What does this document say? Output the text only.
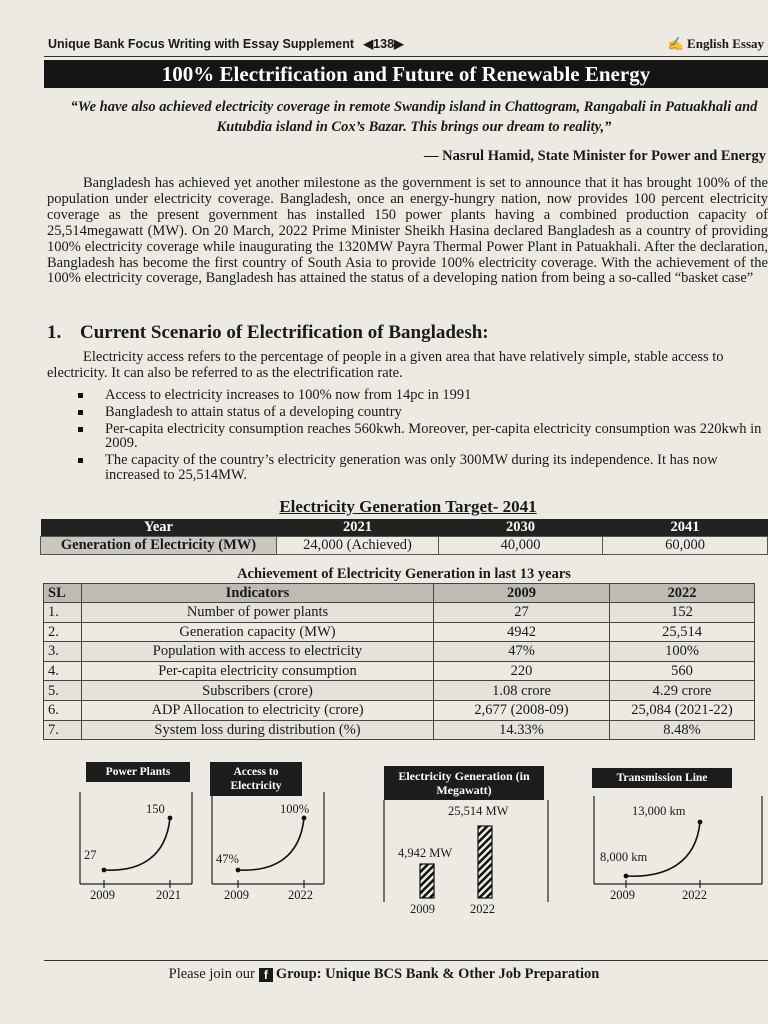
Unique Bank Focus Writing with Essay Supplement ◀138▶	✍ English Essay
100% Electrification and Future of Renewable Energy
“We have also achieved electricity coverage in remote Swandip island in Chattogram, Rangabali in Patuakhali and Kutubdia island in Cox’s Bazar. This brings our dream to reality,”
— Nasrul Hamid, State Minister for Power and Energy

Bangladesh has achieved yet another milestone as the government is set to announce that it has brought 100% of the population under electricity coverage. Bangladesh, once an energy-hungry nation, now provides 100 percent electricity coverage as the present government has installed 150 power plants having a combined production capacity of 25,514megawatt (MW). On 20 March, 2022 Prime Minister Sheikh Hasina declared Bangladesh as a country of providing 100% electricity coverage while inaugurating the 1320MW Payra Thermal Power Plant in Patuakhali. After the declaration, Bangladesh has become the first country of South Asia to provide 100% electricity coverage. With the achievement of the 100% electricity coverage, Bangladesh has attained the status of a developing nation from being a so-called “basket case”

1. Current Scenario of Electrification of Bangladesh:

Electricity access refers to the percentage of people in a given area that have relatively simple, stable access to electricity. It can also be referred to as the electrification rate.

Access to electricity increases to 100% now from 14pc in 1991
Bangladesh to attain status of a developing country
Per-capita electricity consumption reaches 560kwh. Moreover, per-capita electricity consumption was 220kwh in 2009.
The capacity of the country’s electricity generation was only 300MW during its independence. It has now increased to 25,514MW.
Electricity Generation Target- 2041
Year	2021	2030	2041
Generation of Electricity (MW)	24,000 (Achieved)	40,000	60,000
Achievement of Electricity Generation in last 13 years
SL	Indicators	2009	2022
1.	Number of power plants	27	152
2.	Generation capacity (MW)	4942	25,514
3.	Population with access to electricity	47%	100%
4.	Per-capita electricity consumption	220	560
5.	Subscribers (crore)	1.08 crore	4.29 crore
6.	ADP Allocation to electricity (crore)	2,677 (2008-09)	25,084 (2021-22)
7.	System loss during distribution (%)	14.33%	8.48%
Power Plants
27
150
2009	2021
Access to Electricity
47%
100%
2009	2022
Electricity Generation (in Megawatt)
4,942 MW
25,514 MW
2009	2022
Transmission Line
8,000 km
13,000 km
2009	2022
Please join our f Group: Unique BCS Bank & Other Job Preparation
